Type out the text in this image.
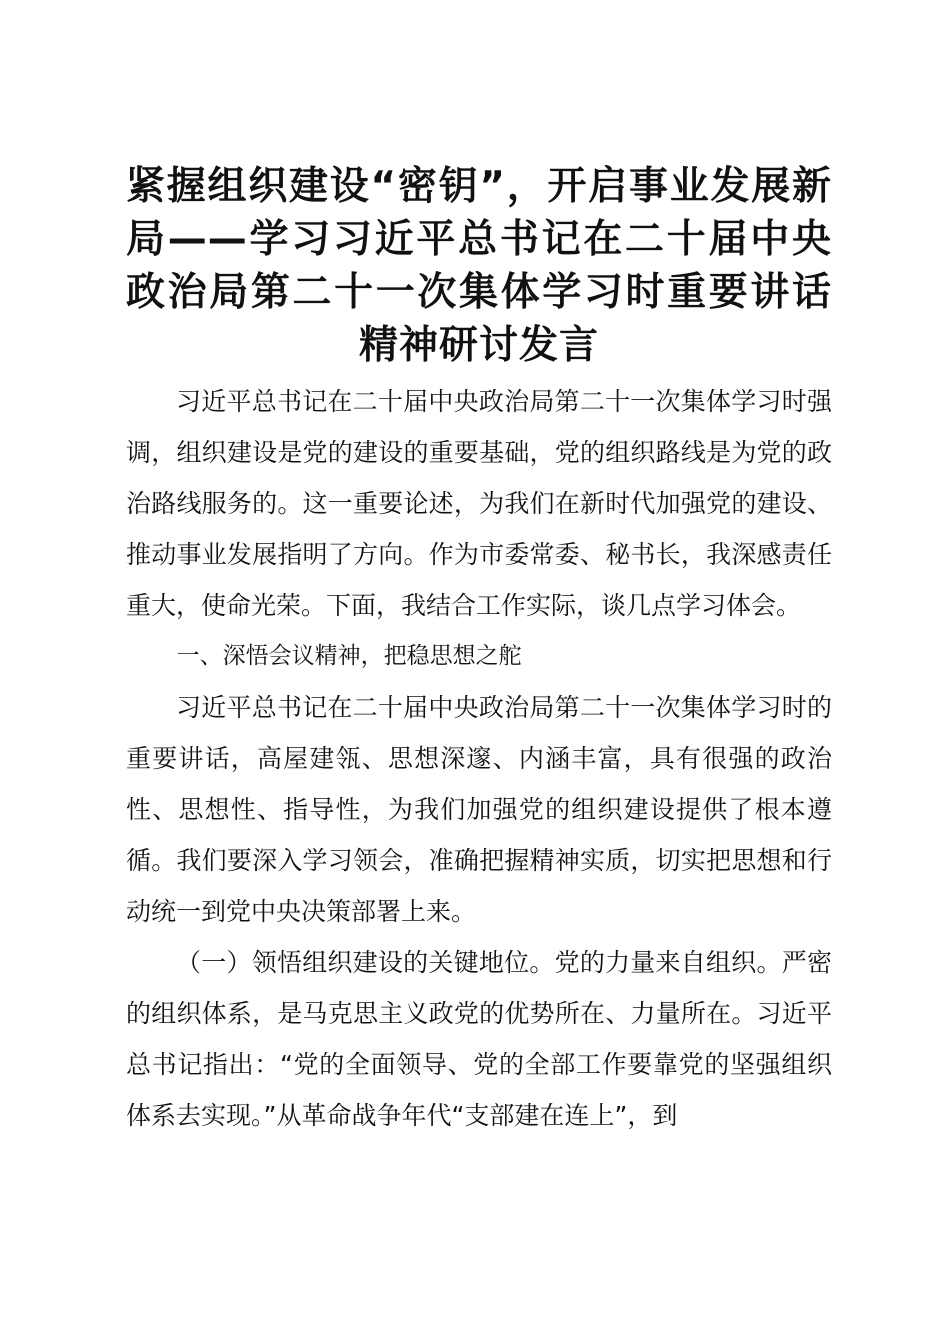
紧握组织建设“密钥”，开启事业发展新局——学习习近平总书记在二十届中央政治局第二十一次集体学习时重要讲话精神研讨发言

习近平总书记在二十届中央政治局第二十一次集体学习时强调，组织建设是党的建设的重要基础，党的组织路线是为党的政治路线服务的。这一重要论述，为我们在新时代加强党的建设、推动事业发展指明了方向。作为市委常委、秘书长，我深感责任重大，使命光荣。下面，我结合工作实际，谈几点学习体会。

一、深悟会议精神，把稳思想之舵

习近平总书记在二十届中央政治局第二十一次集体学习时的重要讲话，高屋建瓴、思想深邃、内涵丰富，具有很强的政治性、思想性、指导性，为我们加强党的组织建设提供了根本遵循。我们要深入学习领会，准确把握精神实质，切实把思想和行动统一到党中央决策部署上来。

（一）领悟组织建设的关键地位。党的力量来自组织。严密的组织体系，是马克思主义政党的优势所在、力量所在。习近平总书记指出：“党的全面领导、党的全部工作要靠党的坚强组织体系去实现。”从革命战争年代“支部建在连上”，到
